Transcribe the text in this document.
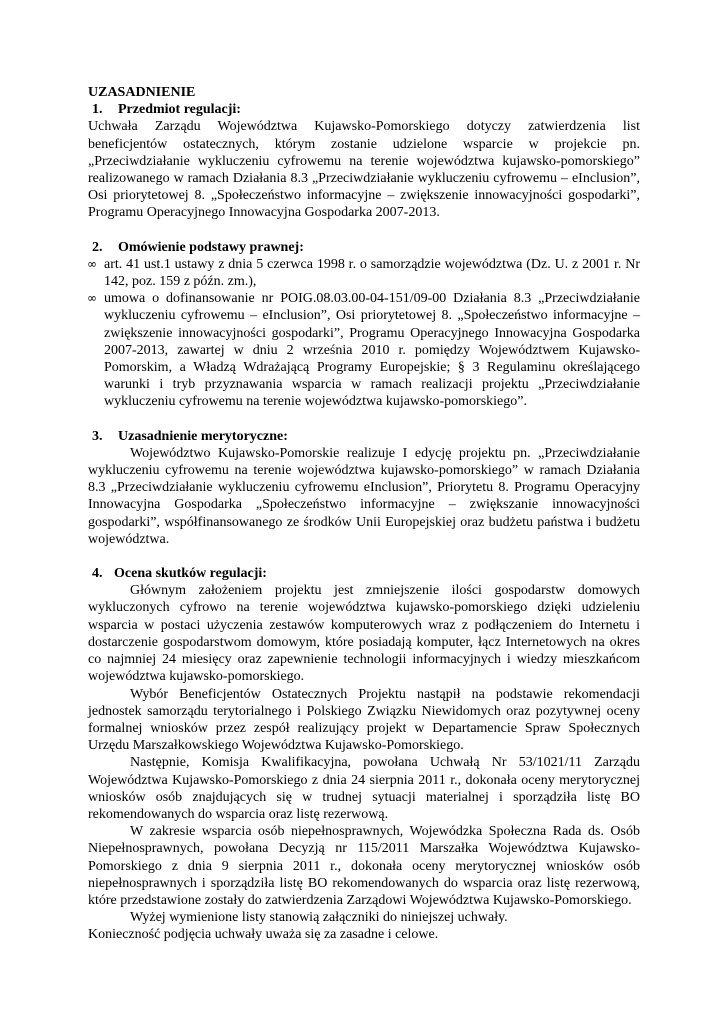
UZASADNIENIE

1. Przedmiot regulacji:

Uchwała Zarządu Województwa Kujawsko-Pomorskiego dotyczy zatwierdzenia list beneficjentów ostatecznych, którym zostanie udzielone wsparcie w projekcie pn. „Przeciwdziałanie wykluczeniu cyfrowemu na terenie województwa kujawsko-pomorskiego” realizowanego w ramach Działania 8.3 „Przeciwdziałanie wykluczeniu cyfrowemu – eInclusion”, Osi priorytetowej 8. „Społeczeństwo informacyjne – zwiększenie innowacyjności gospodarki”, Programu Operacyjnego Innowacyjna Gospodarka 2007-2013.

2. Omówienie podstawy prawnej:
∞ art. 41 ust.1 ustawy z dnia 5 czerwca 1998 r. o samorządzie województwa (Dz. U. z 2001 r. Nr 142, poz. 159 z późn. zm.),
∞ umowa o dofinansowanie nr POIG.08.03.00-04-151/09-00 Działania 8.3 „Przeciwdziałanie wykluczeniu cyfrowemu – eInclusion”, Osi priorytetowej 8. „Społeczeństwo informacyjne – zwiększenie innowacyjności gospodarki”, Programu Operacyjnego Innowacyjna Gospodarka 2007-2013, zawartej w dniu 2 września 2010 r. pomiędzy Województwem Kujawsko-Pomorskim, a Władzą Wdrażającą Programy Europejskie; § 3 Regulaminu określającego warunki i tryb przyznawania wsparcia w ramach realizacji projektu „Przeciwdziałanie wykluczeniu cyfrowemu na terenie województwa kujawsko-pomorskiego”.
3. Uzasadnienie merytoryczne:

Województwo Kujawsko-Pomorskie realizuje I edycję projektu pn. „Przeciwdziałanie wykluczeniu cyfrowemu na terenie województwa kujawsko-pomorskiego” w ramach Działania 8.3 „Przeciwdziałanie wykluczeniu cyfrowemu eInclusion”, Priorytetu 8. Programu Operacyjny Innowacyjna Gospodarka „Społeczeństwo informacyjne – zwiększanie innowacyjności gospodarki”, współfinansowanego ze środków Unii Europejskiej oraz budżetu państwa i budżetu województwa.

4. Ocena skutków regulacji:

Głównym założeniem projektu jest zmniejszenie ilości gospodarstw domowych wykluczonych cyfrowo na terenie województwa kujawsko-pomorskiego dzięki udzieleniu wsparcia w postaci użyczenia zestawów komputerowych wraz z podłączeniem do Internetu i dostarczenie gospodarstwom domowym, które posiadają komputer, łącz Internetowych na okres co najmniej 24 miesięcy oraz zapewnienie technologii informacyjnych i wiedzy mieszkańcom województwa kujawsko-pomorskiego.

Wybór Beneficjentów Ostatecznych Projektu nastąpił na podstawie rekomendacji jednostek samorządu terytorialnego i Polskiego Związku Niewidomych oraz pozytywnej oceny formalnej wniosków przez zespół realizujący projekt w Departamencie Spraw Społecznych Urzędu Marszałkowskiego Województwa Kujawsko-Pomorskiego.

Następnie, Komisja Kwalifikacyjna, powołana Uchwałą Nr 53/1021/11 Zarządu Województwa Kujawsko-Pomorskiego z dnia 24 sierpnia 2011 r., dokonała oceny merytorycznej wniosków osób znajdujących się w trudnej sytuacji materialnej i sporządziła listę BO rekomendowanych do wsparcia oraz listę rezerwową.

W zakresie wsparcia osób niepełnosprawnych, Wojewódzka Społeczna Rada ds. Osób Niepełnosprawnych, powołana Decyzją nr 115/2011 Marszałka Województwa Kujawsko-Pomorskiego z dnia 9 sierpnia 2011 r., dokonała oceny merytorycznej wniosków osób niepełnosprawnych i sporządziła listę BO rekomendowanych do wsparcia oraz listę rezerwową, które przedstawione zostały do zatwierdzenia Zarządowi Województwa Kujawsko-Pomorskiego.

Wyżej wymienione listy stanowią załączniki do niniejszej uchwały.

Konieczność podjęcia uchwały uważa się za zasadne i celowe.
